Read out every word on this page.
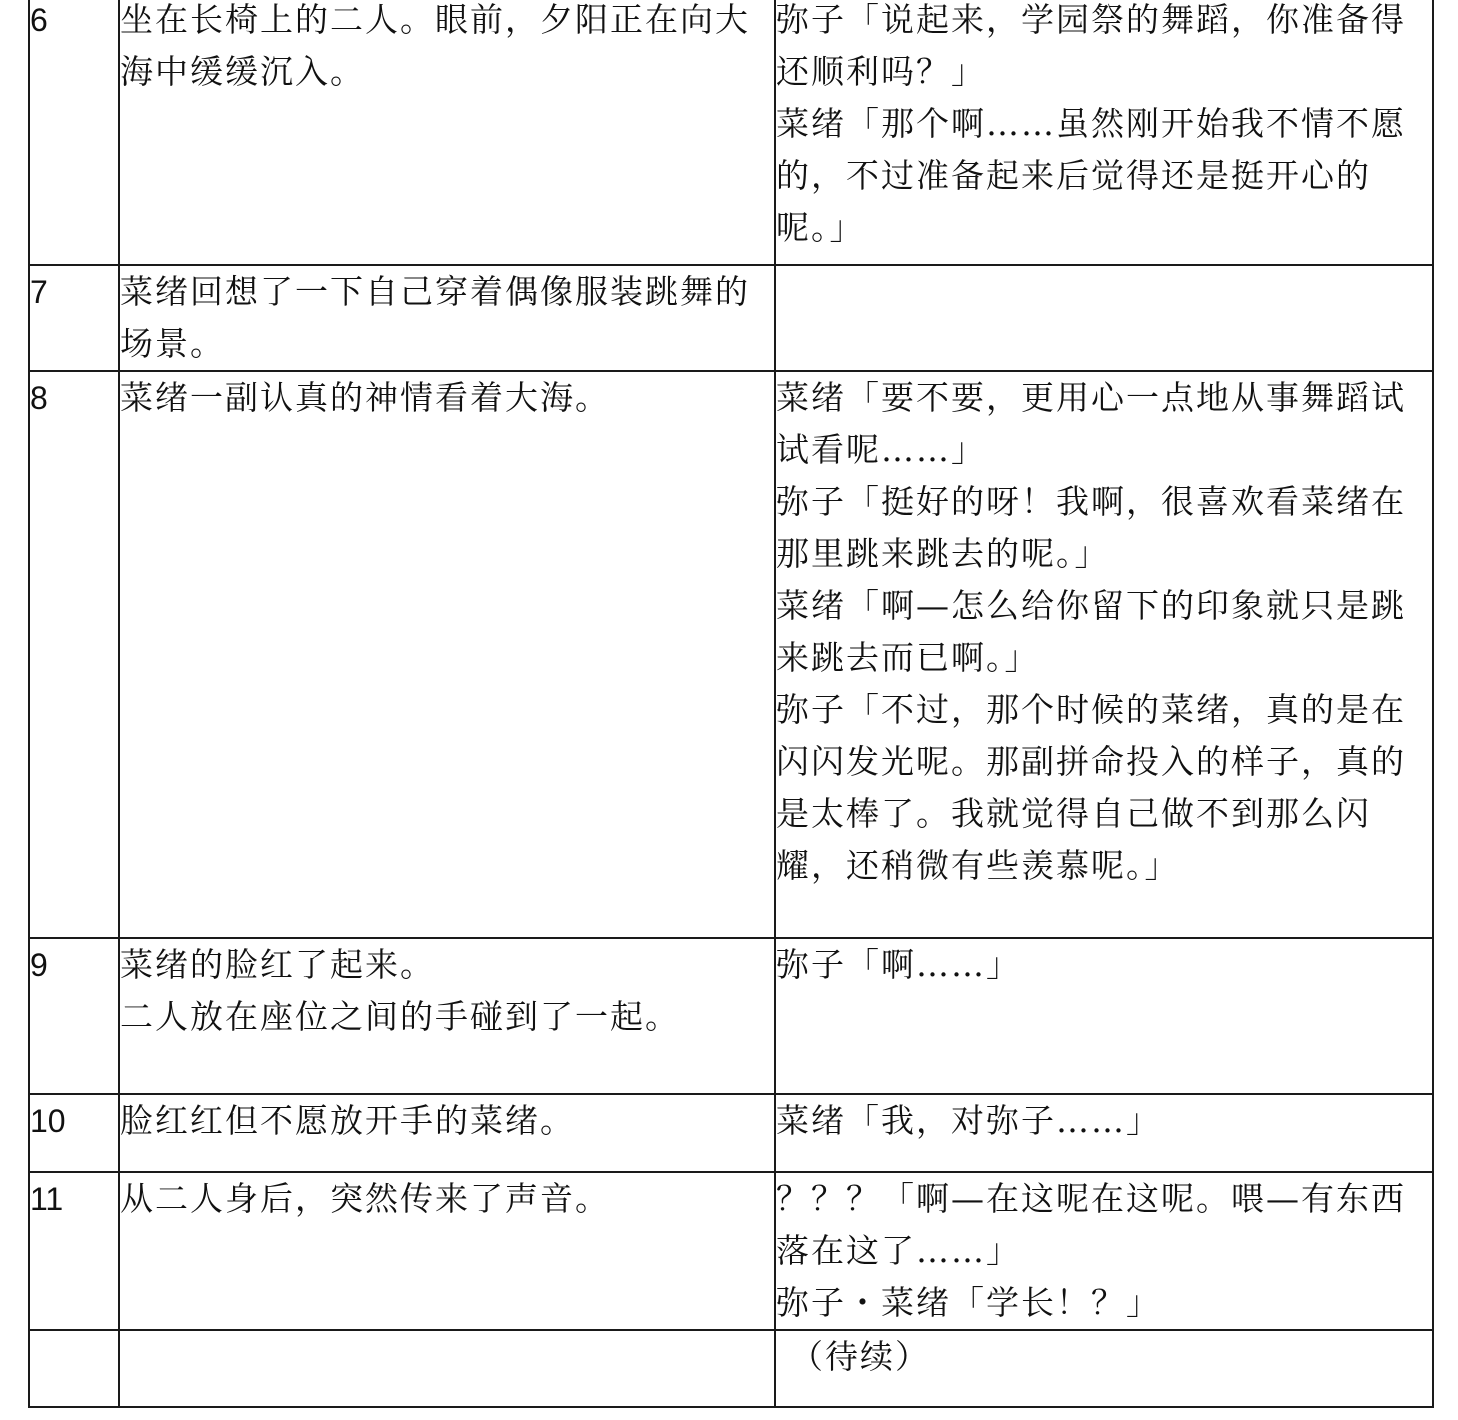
6	坐在长椅上的二人。眼前，夕阳正在向大海中缓缓沉入。	弥子「说起来，学园祭的舞蹈，你准备得还顺利吗？」

菜绪「那个啊……虽然刚开始我不情不愿的，不过准备起来后觉得还是挺开心的呢。」

7	菜绪回想了一下自己穿着偶像服装跳舞的场景。	

8	菜绪一副认真的神情看着大海。	菜绪「要不要，更用心一点地从事舞蹈试试看呢……」

弥子「挺好的呀！我啊，很喜欢看菜绪在那里跳来跳去的呢。」

菜绪「啊—怎么给你留下的印象就只是跳来跳去而已啊。」

弥子「不过，那个时候的菜绪，真的是在闪闪发光呢。那副拼命投入的样子，真的是太棒了。我就觉得自己做不到那么闪耀，还稍微有些羡慕呢。」

9	菜绪的脸红了起来。

二人放在座位之间的手碰到了一起。	弥子「啊……」

10	脸红红但不愿放开手的菜绪。	菜绪「我，对弥子……」

11	从二人身后，突然传来了声音。	？？？「啊—在这呢在这呢。喂—有东西落在这了……」

弥子・菜绪「学长！？」

		（待续）
